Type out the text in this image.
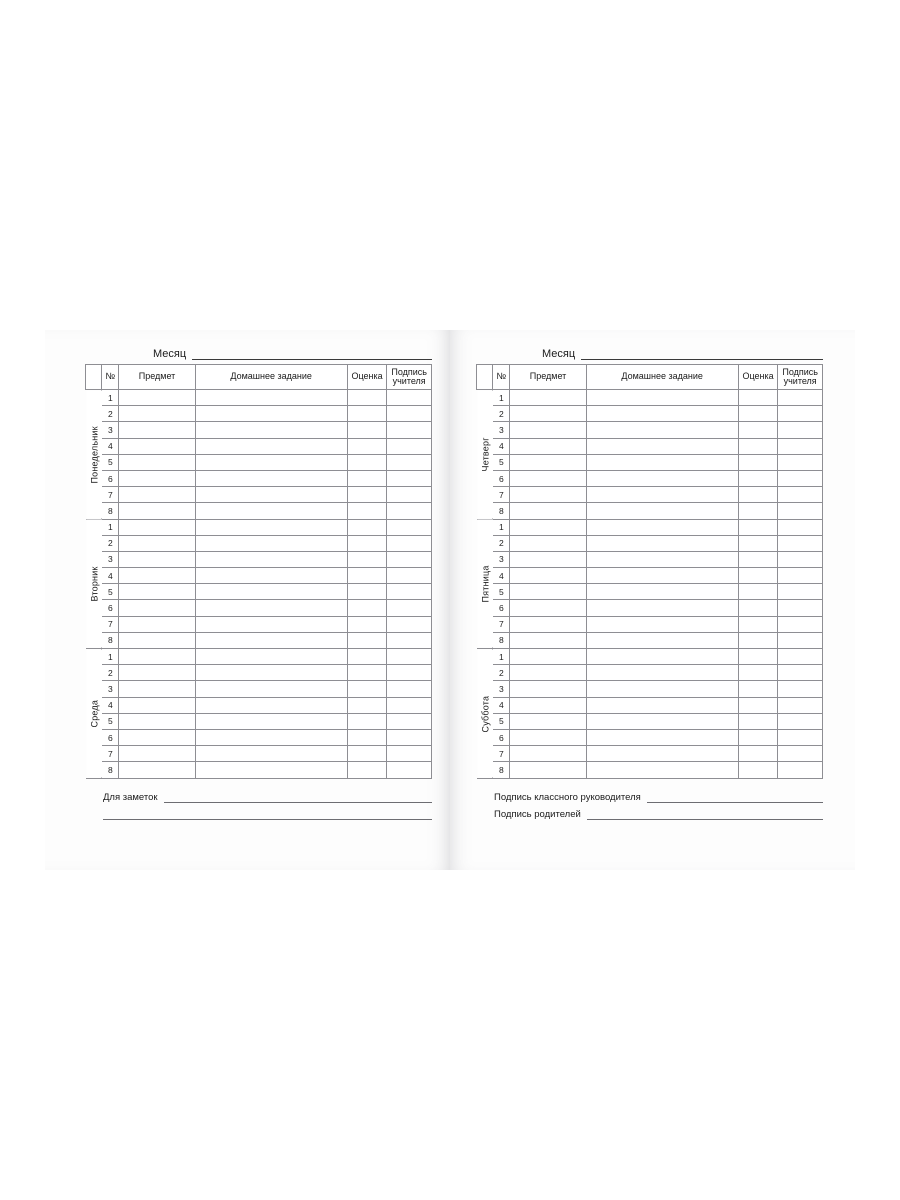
Месяц
	№	Предмет	Домашнее задание	Оценка	Подпись
учителя
Понедельник	1				
	2				
	3				
	4				
	5				
	6				
	7				
	8				
Вторник	1				
	2				
	3				
	4				
	5				
	6				
	7				
	8				
Среда	1				
	2				
	3				
	4				
	5				
	6				
	7				
	8				
Для заметок
Месяц
	№	Предмет	Домашнее задание	Оценка	Подпись
учителя
Четверг	1				
	2				
	3				
	4				
	5				
	6				
	7				
	8				
Пятница	1				
	2				
	3				
	4				
	5				
	6				
	7				
	8				
Суббота	1				
	2				
	3				
	4				
	5				
	6				
	7				
	8				
Подпись классного руководителя
Подпись родителей
